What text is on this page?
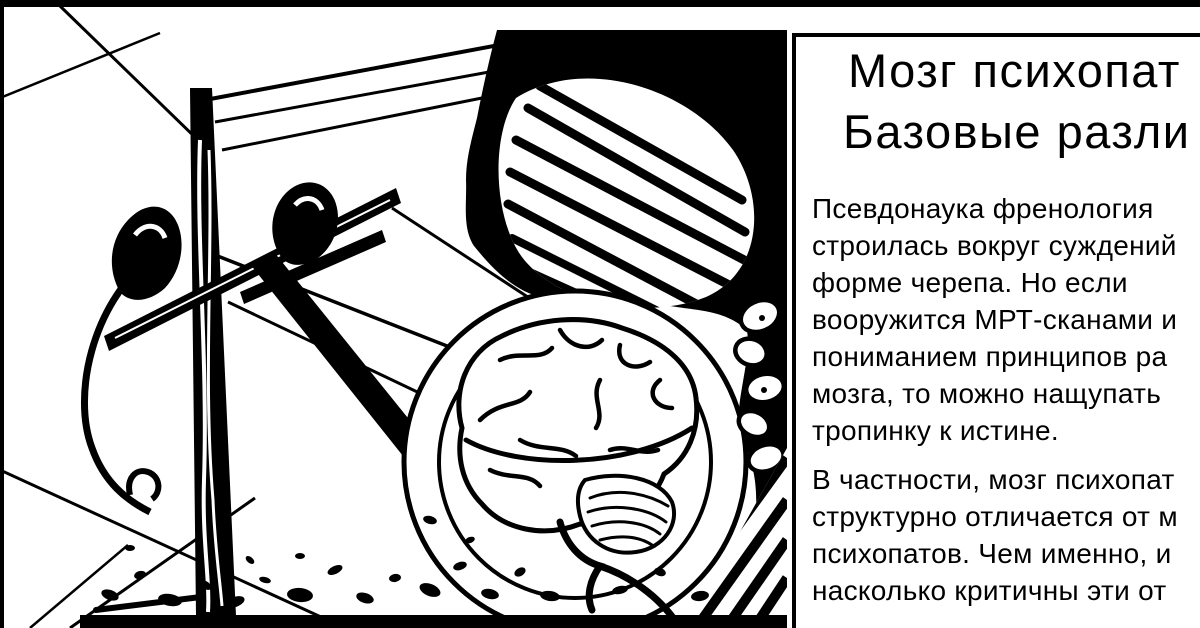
Мозг психопат
Базовые разли
Псевдонаука френология
строилась вокруг суждений
форме черепа. Но если
вооружится МРТ-сканами и
пониманием принципов ра
мозга, то можно нащупать
тропинку к истине.
В частности, мозг психопат
структурно отличается от м
психопатов. Чем именно, и
насколько критичны эти от
